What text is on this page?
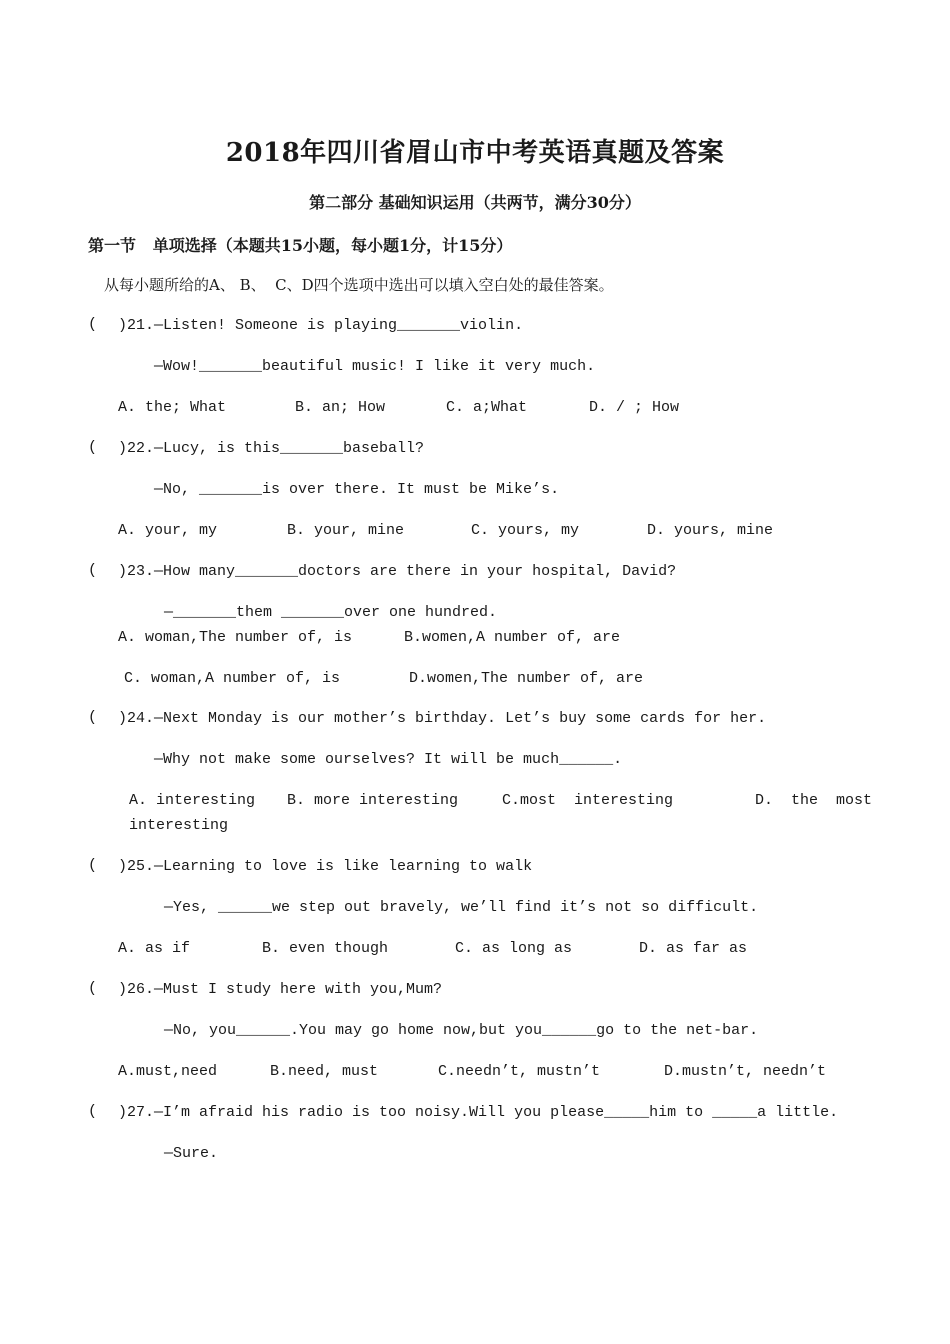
2018年四川省眉山市中考英语真题及答案
第二部分 基础知识运用（共两节，满分30分）
第一节   单项选择（本题共15小题，每小题1分，计15分）
从每小题所给的A、 B、  C、D四个选项中选出可以填入空白处的最佳答案。
( )21.—Listen! Someone is playing_______violin.
—Wow!_______beautiful music! I like it very much.
A. the; What	B. an; How	C. a;What	D. / ; How
( )22.—Lucy, is this_______baseball?
—No, _______is over there. It must be Mike’s.
A. your, my	B. your, mine	C. yours, my	D. yours, mine
( )23.—How many_______doctors are there in your hospital, David?
—_______them _______over one hundred.
A. woman,The number of, is	B.women,A number of, are
C. woman,A number of, is	D.women,The number of, are
( )24.—Next Monday is our mother’s birthday. Let’s buy some cards for her.
—Why not make some ourselves? It will be much______.
A. interesting B. more interesting	C.most  interesting	D.  the  most
interesting
( )25.—Learning to love is like learning to walk
—Yes, ______we step out bravely, we’ll find it’s not so difficult.
A. as if	B. even though	C. as long as	D. as far as
( )26.—Must I study here with you,Mum?
—No, you______.You may go home now,but you______go to the net-bar.
A.must,need	B.need, must	C.needn’t, mustn’t	D.mustn’t, needn’t
( )27.—I’m afraid his radio is too noisy.Will you please_____him to _____a little.
—Sure.
